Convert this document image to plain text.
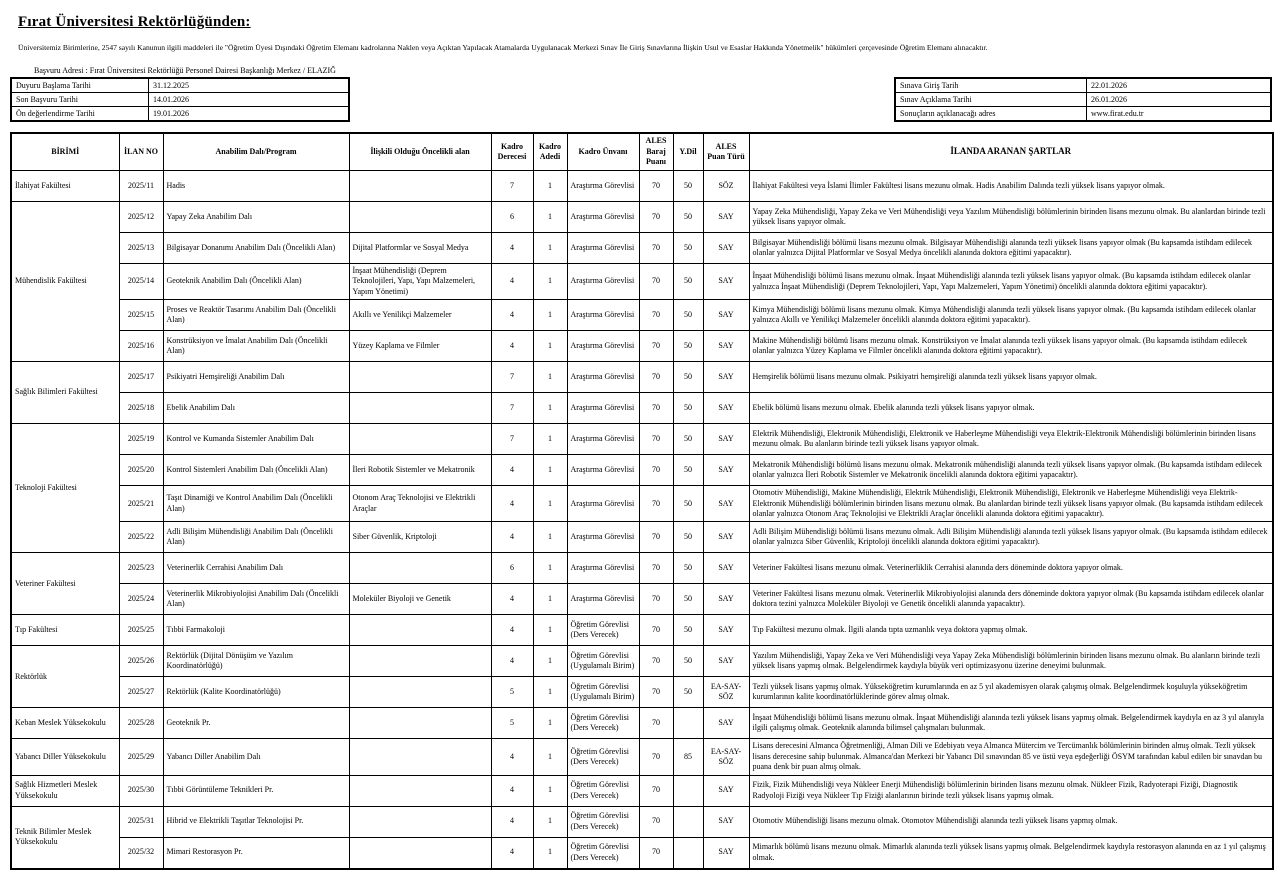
Fırat Üniversitesi Rektörlüğünden:
Üniversitemiz Birimlerine, 2547 sayılı Kanunun ilgili maddeleri ile "Öğretim Üyesi Dışındaki Öğretim Elemanı kadrolarına Naklen veya Açıktan Yapılacak Atamalarda Uygulanacak Merkezi Sınav İle Giriş Sınavlarına İlişkin Usul ve Esaslar Hakkında Yönetmelik" hükümleri çerçevesinde Öğretim Elemanı alınacaktır.
Başvuru Adresi : Fırat Üniversitesi Rektörlüğü Personel Dairesi Başkanlığı Merkez / ELAZIĞ
Duyuru Başlama Tarihi	31.12.2025
Son Başvuru Tarihi	14.01.2026
Ön değerlendirme Tarihi	19.01.2026
Sınava Giriş Tarih	22.01.2026
Sınav Açıklama Tarihi	26.01.2026
Sonuçların açıklanacağı adres	www.firat.edu.tr
BİRİMİ	İLAN NO	Anabilim Dalı/Program	İlişkili Olduğu Öncelikli alan	Kadro Derecesi	Kadro Adedi	Kadro Ünvanı	ALES Baraj Puanı	Y.Dil	ALES Puan Türü	İLANDA ARANAN ŞARTLAR
İlahiyat Fakültesi	2025/11	Hadis		7	1	Araştırma Görevlisi	70	50	SÖZ	İlahiyat Fakültesi veya İslami İlimler Fakültesi lisans mezunu olmak. Hadis Anabilim Dalında tezli yüksek lisans yapıyor olmak.
Mühendislik Fakültesi	2025/12	Yapay Zeka Anabilim Dalı		6	1	Araştırma Görevlisi	70	50	SAY	Yapay Zeka Mühendisliği, Yapay Zeka ve Veri Mühendisliği veya Yazılım Mühendisliği bölümlerinin birinden lisans mezunu olmak. Bu alanlardan birinde tezli yüksek lisans yapıyor olmak.
	2025/13	Bilgisayar Donanımı Anabilim Dalı (Öncelikli Alan)	Dijital Platformlar ve Sosyal Medya	4	1	Araştırma Görevlisi	70	50	SAY	Bilgisayar Mühendisliği bölümü lisans mezunu olmak. Bilgisayar Mühendisliği alanında tezli yüksek lisans yapıyor olmak (Bu kapsamda istihdam edilecek olanlar yalnızca Dijital Platformlar ve Sosyal Medya öncelikli alanında doktora eğitimi yapacaktır).
	2025/14	Geoteknik Anabilim Dalı (Öncelikli Alan)	İnşaat Mühendisliği (Deprem Teknolojileri, Yapı, Yapı Malzemeleri, Yapım Yönetimi)	4	1	Araştırma Görevlisi	70	50	SAY	İnşaat Mühendisliği bölümü lisans mezunu olmak. İnşaat Mühendisliği alanında tezli yüksek lisans yapıyor olmak. (Bu kapsamda istihdam edilecek olanlar yalnızca İnşaat Mühendisliği (Deprem Teknolojileri, Yapı, Yapı Malzemeleri, Yapım Yönetimi) öncelikli alanında doktora eğitimi yapacaktır).
	2025/15	Proses ve Reaktör Tasarımı Anabilim Dalı (Öncelikli Alan)	Akıllı ve Yenilikçi Malzemeler	4	1	Araştırma Görevlisi	70	50	SAY	Kimya Mühendisliği bölümü lisans mezunu olmak. Kimya Mühendisliği alanında tezli yüksek lisans yapıyor olmak. (Bu kapsamda istihdam edilecek olanlar yalnızca Akıllı ve Yenilikçi Malzemeler öncelikli alanında doktora eğitimi yapacaktır).
	2025/16	Konstrüksiyon ve İmalat Anabilim Dalı (Öncelikli Alan)	Yüzey Kaplama ve Filmler	4	1	Araştırma Görevlisi	70	50	SAY	Makine Mühendisliği bölümü lisans mezunu olmak. Konstrüksiyon ve İmalat alanında tezli yüksek lisans yapıyor olmak. (Bu kapsamda istihdam edilecek olanlar yalnızca Yüzey Kaplama ve Filmler öncelikli alanında doktora eğitimi yapacaktır).
Sağlık Bilimleri Fakültesi	2025/17	Psikiyatri Hemşireliği Anabilim Dalı		7	1	Araştırma Görevlisi	70	50	SAY	Hemşirelik bölümü lisans mezunu olmak. Psikiyatri hemşireliği alanında tezli yüksek lisans yapıyor olmak.
	2025/18	Ebelik Anabilim Dalı		7	1	Araştırma Görevlisi	70	50	SAY	Ebelik bölümü lisans mezunu olmak. Ebelik alanında tezli yüksek lisans yapıyor olmak.
Teknoloji Fakültesi	2025/19	Kontrol ve Kumanda Sistemler Anabilim Dalı		7	1	Araştırma Görevlisi	70	50	SAY	Elektrik Mühendisliği, Elektronik Mühendisliği, Elektronik ve Haberleşme Mühendisliği veya Elektrik-Elektronik Mühendisliği bölümlerinin birinden lisans mezunu olmak. Bu alanların birinde tezli yüksek lisans yapıyor olmak.
	2025/20	Kontrol Sistemleri Anabilim Dalı (Öncelikli Alan)	İleri Robotik Sistemler ve Mekatronik	4	1	Araştırma Görevlisi	70	50	SAY	Mekatronik Mühendisliği bölümü lisans mezunu olmak. Mekatronik mühendisliği alanında tezli yüksek lisans yapıyor olmak. (Bu kapsamda istihdam edilecek olanlar yalnızca İleri Robotik Sistemler ve Mekatronik öncelikli alanında doktora eğitimi yapacaktır).
	2025/21	Taşıt Dinamiği ve Kontrol Anabilim Dalı (Öncelikli Alan)	Otonom Araç Teknolojisi ve Elektrikli Araçlar	4	1	Araştırma Görevlisi	70	50	SAY	Otomotiv Mühendisliği, Makine Mühendisliği, Elektrik Mühendisliği, Elektronik Mühendisliği, Elektronik ve Haberleşme Mühendisliği veya Elektrik-Elektronik Mühendisliği bölümlerinin birinden lisans mezunu olmak. Bu alanlardan birinde tezli yüksek lisans yapıyor olmak. (Bu kapsamda istihdam edilecek olanlar yalnızca Otonom Araç Teknolojisi ve Elektrikli Araçlar öncelikli alanında doktora eğitimi yapacaktır).
	2025/22	Adli Bilişim Mühendisliği Anabilim Dalı (Öncelikli Alan)	Siber Güvenlik, Kriptoloji	4	1	Araştırma Görevlisi	70	50	SAY	Adli Bilişim Mühendisliği bölümü lisans mezunu olmak. Adli Bilişim Mühendisliği alanında tezli yüksek lisans yapıyor olmak. (Bu kapsamda istihdam edilecek olanlar yalnızca Siber Güvenlik, Kriptoloji öncelikli alanında doktora eğitimi yapacaktır).
Veteriner Fakültesi	2025/23	Veterinerlik Cerrahisi Anabilim Dalı		6	1	Araştırma Görevlisi	70	50	SAY	Veteriner Fakültesi lisans mezunu olmak. Veterinerliklik Cerrahisi alanında ders döneminde doktora yapıyor olmak.
	2025/24	Veterinerlik Mikrobiyolojisi Anabilim Dalı (Öncelikli Alan)	Moleküler Biyoloji ve Genetik	4	1	Araştırma Görevlisi	70	50	SAY	Veteriner Fakültesi lisans mezunu olmak. Veterinerlik Mikrobiyolojisi alanında ders döneminde doktora yapıyor olmak (Bu kapsamda istihdam edilecek olanlar doktora tezini yalnızca Moleküler Biyoloji ve Genetik öncelikli alanında yapacaktır).
Tıp Fakültesi	2025/25	Tıbbi Farmakoloji		4	1	Öğretim Görevlisi (Ders Verecek)	70	50	SAY	Tıp Fakültesi mezunu olmak. İlgili alanda tıpta uzmanlık veya doktora yapmış olmak.
Rektörlük	2025/26	Rektörlük (Dijital Dönüşüm ve Yazılım Koordinatörlüğü)		4	1	Öğretim Görevlisi (Uygulamalı Birim)	70	50	SAY	Yazılım Mühendisliği, Yapay Zeka ve Veri Mühendisliği veya Yapay Zeka Mühendisliği bölümlerinin birinden lisans mezunu olmak. Bu alanların birinde tezli yüksek lisans yapmış olmak. Belgelendirmek kaydıyla büyük veri optimizasyonu üzerine deneyimi bulunmak.
	2025/27	Rektörlük (Kalite Koordinatörlüğü)		5	1	Öğretim Görevlisi (Uygulamalı Birim)	70	50	EA-SAY-SÖZ	Tezli yüksek lisans yapmış olmak. Yükseköğretim kurumlarında en az 5 yıl akademisyen olarak çalışmış olmak. Belgelendirmek koşuluyla yükseköğretim kurumlarının kalite koordinatörlüklerinde görev almış olmak.
Keban Meslek Yüksekokulu	2025/28	Geoteknik Pr.		5	1	Öğretim Görevlisi (Ders Verecek)	70		SAY	İnşaat Mühendisliği bölümü lisans mezunu olmak. İnşaat Mühendisliği alanında tezli yüksek lisans yapmış olmak. Belgelendirmek kaydıyla en az 3 yıl alanıyla ilgili çalışmış olmak. Geoteknik alanında bilimsel çalışmaları bulunmak.
Yabancı Diller Yüksekokulu	2025/29	Yabancı Diller Anabilim Dalı		4	1	Öğretim Görevlisi (Ders Verecek)	70	85	EA-SAY-SÖZ	Lisans derecesini Almanca Öğretmenliği, Alman Dili ve Edebiyatı veya Almanca Mütercim ve Tercümanlık bölümlerinin birinden almış olmak. Tezli yüksek lisans derecesine sahip bulunmak. Almanca'dan Merkezi bir Yabancı Dil sınavından 85 ve üstü veya eşdeğerliği ÖSYM tarafından kabul edilen bir sınavdan bu puana denk bir puan almış olmak.
Sağlık Hizmetleri Meslek Yüksekokulu	2025/30	Tıbbi Görüntüleme Teknikleri Pr.		4	1	Öğretim Görevlisi (Ders Verecek)	70		SAY	Fizik, Fizik Mühendisliği veya Nükleer Enerji Mühendisliği bölümlerinin birinden lisans mezunu olmak. Nükleer Fizik, Radyoterapi Fiziği, Diagnostik Radyoloji Fiziği veya Nükleer Tıp Fiziği alanlarının birinde tezli yüksek lisans yapmış olmak.
Teknik Bilimler Meslek Yüksekokulu	2025/31	Hibrid ve Elektrikli Taşıtlar Teknolojisi Pr.		4	1	Öğretim Görevlisi (Ders Verecek)	70		SAY	Otomotiv Mühendisliği lisans mezunu olmak. Otomotov Mühendisliği alanında tezli yüksek lisans yapmış olmak.
	2025/32	Mimari Restorasyon Pr.		4	1	Öğretim Görevlisi (Ders Verecek)	70		SAY	Mimarlık bölümü lisans mezunu olmak. Mimarlık alanında tezli yüksek lisans yapmış olmak. Belgelendirmek kaydıyla restorasyon alanında en az 1 yıl çalışmış olmak.
